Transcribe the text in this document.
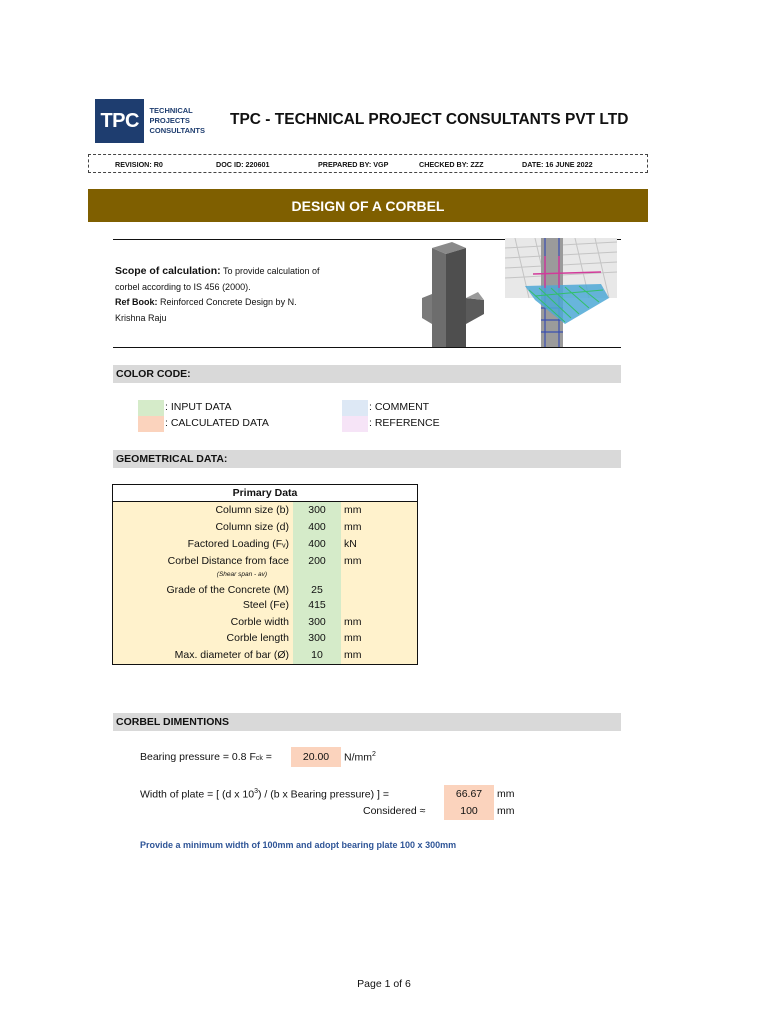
TPC	TECHNICAL
PROJECTS
CONSULTANTS
TPC - TECHNICAL PROJECT CONSULTANTS PVT LTD
REVISION: R0	DOC ID: 220601	PREPARED BY: VGP	CHECKED BY: ZZZ	DATE: 16 JUNE 2022
DESIGN OF A CORBEL
Scope of calculation: To provide calculation of
corbel according to IS 456 (2000).
Ref Book: Reinforced Concrete Design by N.
Krishna Raju
COLOR CODE:
: INPUT DATA
: CALCULATED DATA
: COMMENT
: REFERENCE
GEOMETRICAL DATA:
Primary Data
Column size (b)	300	mm
Column size (d)	400	mm
Factored Loading (Fᵥ)	400	kN
Corbel Distance from face	200	mm
(Shear span - av)
Grade of the Concrete (M)	25
Steel (Fe)	415
Corble width	300	mm
Corble length	300	mm
Max. diameter of bar (Ø)	10	mm
CORBEL DIMENTIONS
Bearing pressure = 0.8 Fck =	20.00	$N/mm^2$
Width of plate = [ (d x $10^3) / (b$ x Bearing pressure) ] =	66.67	mm
Considered ≈	100	mm
Provide a minimum width of 100mm and adopt bearing plate 100 x 300mm
Page 1 of 6
